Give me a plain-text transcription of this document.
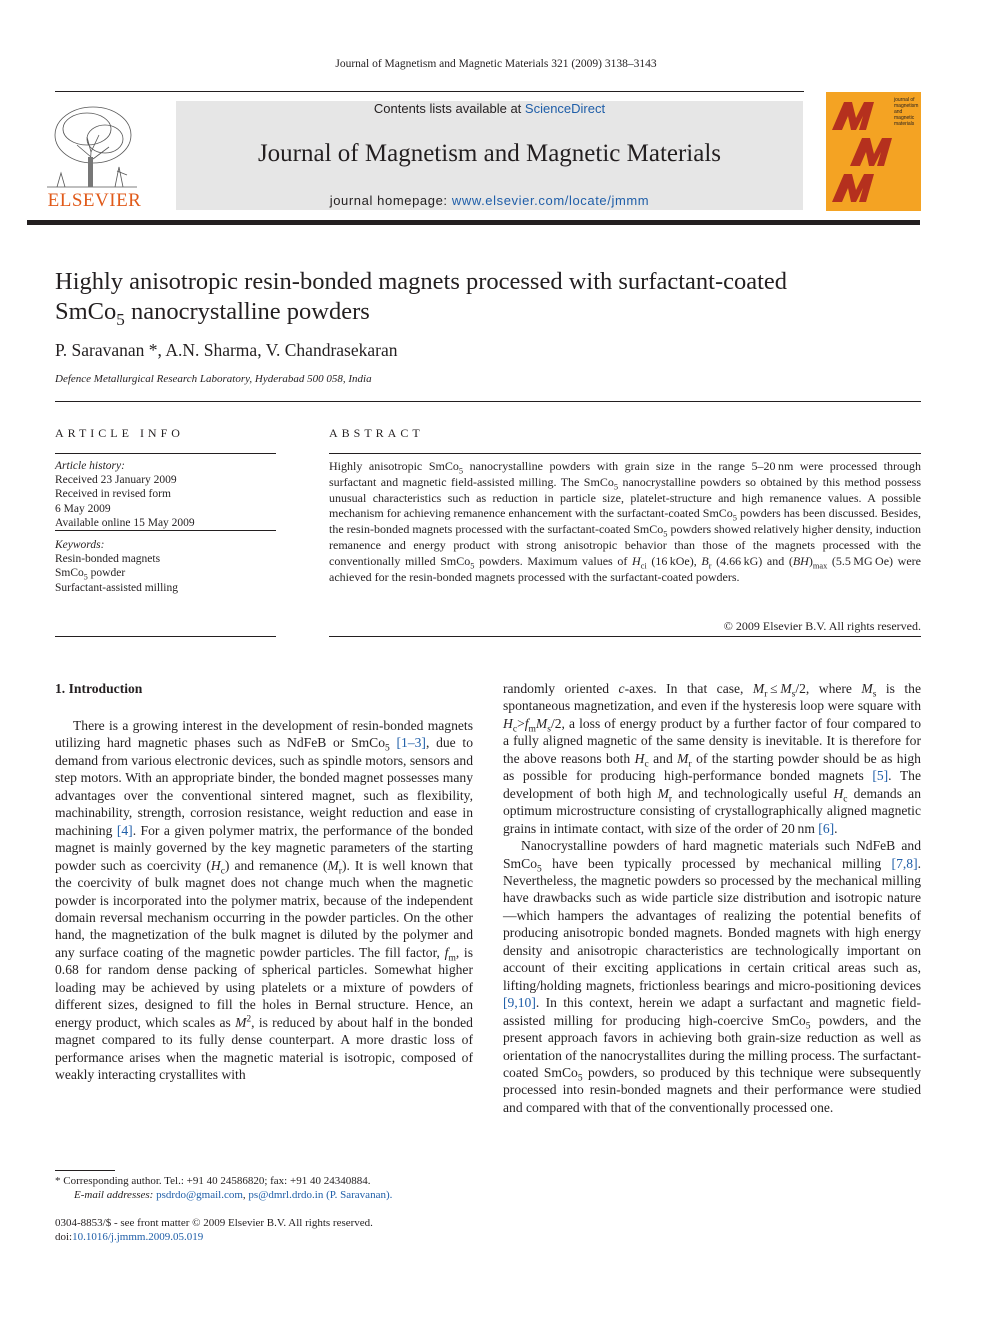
Journal of Magnetism and Magnetic Materials 321 (2009) 3138–3143
ELSEVIER
Contents lists available at ScienceDirect
Journal of Magnetism and Magnetic Materials
journal homepage: www.elsevier.com/locate/jmmm
journal of magnetism and magnetic materials
Highly anisotropic resin-bonded magnets processed with surfactant-coated
SmCo$_5$ nanocrystalline powders
P. Saravanan *, A.N. Sharma, V. Chandrasekaran
Defence Metallurgical Research Laboratory, Hyderabad 500 058, India
ARTICLE INFO
Article history:
Received 23 January 2009
Received in revised form
6 May 2009
Available online 15 May 2009
Keywords:
Resin-bonded magnets
SmCo$_5$ powder
Surfactant-assisted milling
ABSTRACT
Highly anisotropic SmCo$_5$ nanocrystalline powders with grain size in the range 5–20 nm were processed through surfactant and magnetic field-assisted milling. The SmCo$_5$ nanocrystalline powders so obtained by this method possess unusual characteristics such as reduction in particle size, platelet-structure and high remanence values. A possible mechanism for achieving remanence enhancement with the surfactant-coated SmCo$_5$ powders has been discussed. Besides, the resin-bonded magnets processed with the surfactant-coated SmCo$_5$ powders showed relatively higher density, induction remanence and energy product with strong anisotropic behavior than those of the magnets processed with the conventionally milled SmCo$_5$ powders. Maximum values of $H_{ci}$ (16 kOe), $B_r$ (4.66 kG) and $(BH)_{max}$ (5.5 MG Oe) were achieved for the resin-bonded magnets processed with the surfactant-coated powders.
© 2009 Elsevier B.V. All rights reserved.
1. Introduction

There is a growing interest in the development of resin-bonded magnets utilizing hard magnetic phases such as NdFeB or SmCo$_5$ [1–3], due to demand from various electronic devices, such as spindle motors, sensors and step motors. With an appropriate binder, the bonded magnet possesses many advantages over the conventional sintered magnet, such as flexibility, machinability, strength, corrosion resistance, weight reduction and ease in machining [4]. For a given polymer matrix, the performance of the bonded magnet is mainly governed by the key magnetic parameters of the starting powder such as coercivity $(H_c)$ and remanence $(M_r)$. It is well known that the coercivity of bulk magnet does not change much when the magnetic powder is incorporated into the polymer matrix, because of the independent domain reversal mechanism occurring in the powder particles. On the other hand, the magnetization of the bulk magnet is diluted by the polymer and any surface coating of the magnetic powder particles. The fill factor, $f_m$, is 0.68 for random dense packing of spherical particles. Somewhat higher loading may be achieved by using platelets or a mixture of powders of different sizes, designed to fill the holes in Bernal structure. Hence, an energy product, which scales as $M^2$, is reduced by about half in the bonded magnet compared to its fully dense counterpart. A more drastic loss of performance arises when the magnetic material is isotropic, composed of weakly interacting crystallites with

randomly oriented c-axes. In that case, $M_r \le M_s/2$, where $M_s$ is the spontaneous magnetization, and even if the hysteresis loop were square with $H_c>f_mM_s/2$, a loss of energy product by a further factor of four compared to a fully aligned magnetic of the same density is inevitable. It is therefore for the above reasons both $H_c$ and $M_r$ of the starting powder should be as high as possible for producing high-performance bonded magnets [5]. The development of both high $M_r$ and technologically useful $H_c$ demands an optimum microstructure consisting of crystallographically aligned magnetic grains in intimate contact, with size of the order of 20 nm [6].

Nanocrystalline powders of hard magnetic materials such NdFeB and SmCo$_5$ have been typically processed by mechanical milling [7,8]. Nevertheless, the magnetic powders so processed by the mechanical milling have drawbacks such as wide particle size distribution and isotropic nature—which hampers the advantages of realizing the potential benefits of producing anisotropic bonded magnets. Bonded magnets with high energy density and anisotropic characteristics are technologically important on account of their exciting applications in certain critical areas such as, lifting/holding magnets, frictionless bearings and micro-positioning devices [9,10]. In this context, herein we adapt a surfactant and magnetic field-assisted milling for producing high-coercive SmCo$_5$ powders, and the present approach favors in achieving both grain-size reduction as well as orientation of the nanocrystallites during the milling process. The surfactant-coated SmCo$_5$ powders, so produced by this technique were subsequently processed into resin-bonded magnets and their performance were studied and compared with that of the conventionally processed one.

* Corresponding author. Tel.: +91 40 24586820; fax: +91 40 24340884.
E-mail addresses: psdrdo@gmail.com, ps@dmrl.drdo.in (P. Saravanan).
0304-8853/$ - see front matter © 2009 Elsevier B.V. All rights reserved.
doi:10.1016/j.jmmm.2009.05.019
